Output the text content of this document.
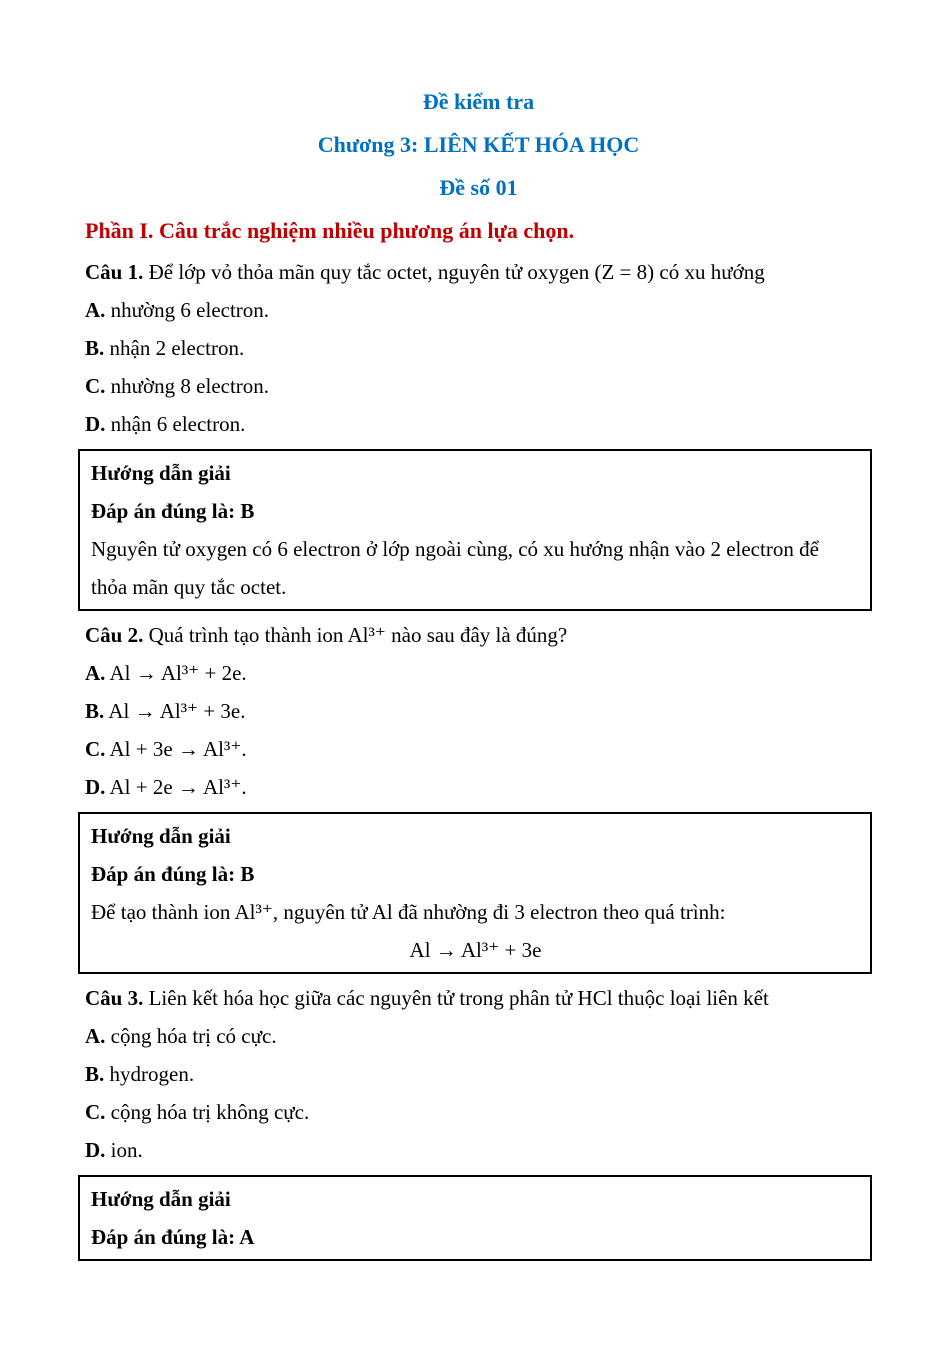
Đề kiểm tra

Chương 3: LIÊN KẾT HÓA HỌC

Đề số 01

Phần I. Câu trắc nghiệm nhiều phương án lựa chọn.

Câu 1. Để lớp vỏ thỏa mãn quy tắc octet, nguyên tử oxygen (Z = 8) có xu hướng

A. nhường 6 electron.

B. nhận 2 electron.

C. nhường 8 electron.

D. nhận 6 electron.

Hướng dẫn giải

Đáp án đúng là: B

Nguyên tử oxygen có 6 electron ở lớp ngoài cùng, có xu hướng nhận vào 2 electron để thỏa mãn quy tắc octet.

Câu 2. Quá trình tạo thành ion Al³⁺ nào sau đây là đúng?

A. Al → Al³⁺ + 2e.

B. Al → Al³⁺ + 3e.

C. Al + 3e → Al³⁺.

D. Al + 2e → Al³⁺.

Hướng dẫn giải

Đáp án đúng là: B

Để tạo thành ion Al³⁺, nguyên tử Al đã nhường đi 3 electron theo quá trình:

Al → Al³⁺ + 3e

Câu 3. Liên kết hóa học giữa các nguyên tử trong phân tử HCl thuộc loại liên kết

A. cộng hóa trị có cực.

B. hydrogen.

C. cộng hóa trị không cực.

D. ion.

Hướng dẫn giải

Đáp án đúng là: A
